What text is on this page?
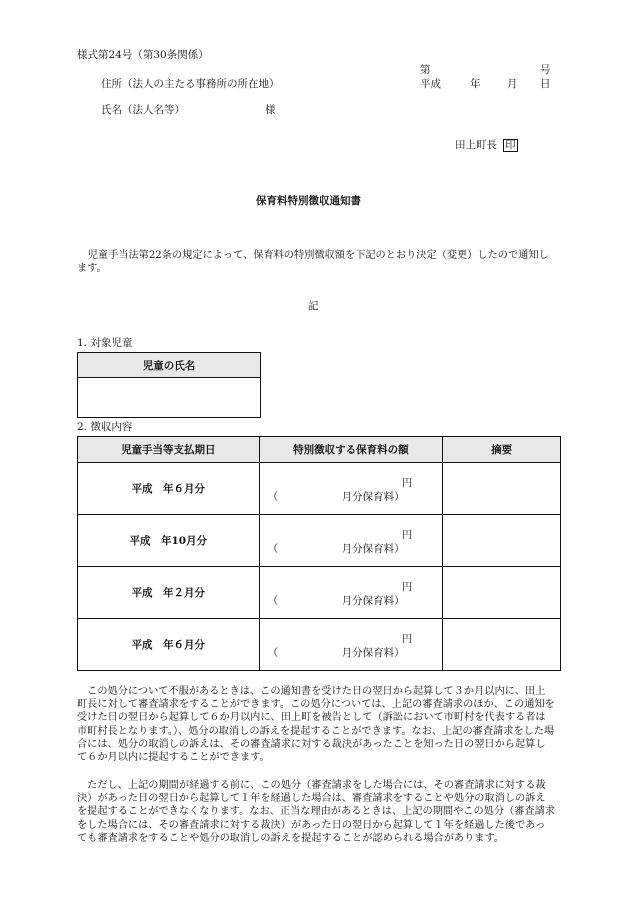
様式第24号（第30条関係）
第	号
住所（法人の主たる事務所の所在地）	平成	年	月 日
氏名（法人名等）	様
田上町長 印
保育料特別徴収通知書
児童手当法第22条の規定によって、保育料の特別徴収額を下記のとおり決定（変更）したので通知します。
記
1. 対象児童
児童の氏名

2. 徴収内容
児童手当等支払期日	特別徴収する保育料の額	摘要
平成　年６月分	円
（ 月分保育料）	

平成　年10月分	円
（ 月分保育料）	

平成　年２月分	円
（ 月分保育料）	

平成　年６月分	円
（ 月分保育料）	

　この処分について不服があるときは、この通知書を受けた日の翌日から起算して３か月以内に、田上町長に対して審査請求をすることができます。この処分については、上記の審査請求のほか、この通知を受けた日の翌日から起算して６か月以内に、田上町を被告として（訴訟において市町村を代表する者は市町村長となります。）、処分の取消しの訴えを提起することができます。なお、上記の審査請求をした場合には、処分の取消しの訴えは、その審査請求に対する裁決があったことを知った日の翌日から起算して６か月以内に提起することができます。
　ただし、上記の期間が経過する前に、この処分（審査請求をした場合には、その審査請求に対する裁決）があった日の翌日から起算して１年を経過した場合は、審査請求をすることや処分の取消しの訴えを提起することができなくなります。なお、正当な理由があるときは、上記の期間やこの処分（審査請求をした場合には、その審査請求に対する裁決）があった日の翌日から起算して１年を経過した後であっても審査請求をすることや処分の取消しの訴えを提起することが認められる場合があります。
